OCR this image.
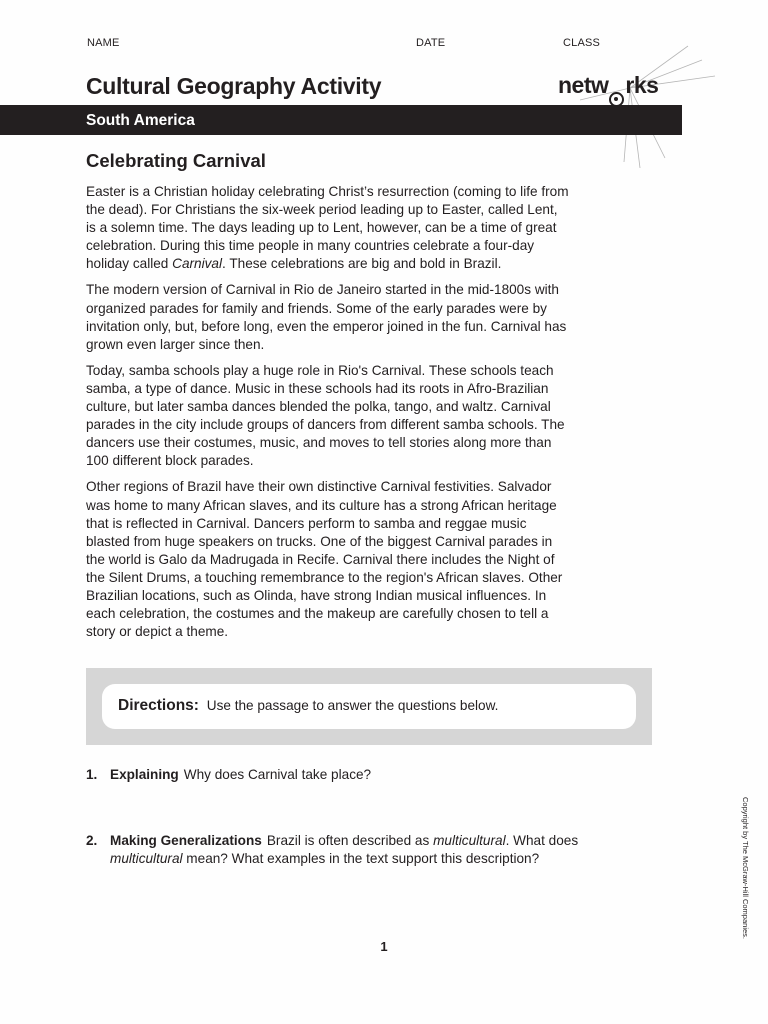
NAME	DATE	CLASS
Cultural Geography Activity	netw rks
South America
Celebrating Carnival

Easter is a Christian holiday celebrating Christ’s resurrection (coming to life from the dead). For Christians the six-week period leading up to Easter, called Lent, is a solemn time. The days leading up to Lent, however, can be a time of great celebration. During this time people in many countries celebrate a four-day holiday called Carnival. These celebrations are big and bold in Brazil.

The modern version of Carnival in Rio de Janeiro started in the mid-1800s with organized parades for family and friends. Some of the early parades were by invitation only, but, before long, even the emperor joined in the fun. Carnival has grown even larger since then.

Today, samba schools play a huge role in Rio's Carnival. These schools teach samba, a type of dance. Music in these schools had its roots in Afro-Brazilian culture, but later samba dances blended the polka, tango, and waltz. Carnival parades in the city include groups of dancers from different samba schools. The dancers use their costumes, music, and moves to tell stories along more than 100 different block parades.

Other regions of Brazil have their own distinctive Carnival festivities. Salvador was home to many African slaves, and its culture has a strong African heritage that is reflected in Carnival. Dancers perform to samba and reggae music blasted from huge speakers on trucks. One of the biggest Carnival parades in the world is Galo da Madrugada in Recife. Carnival there includes the Night of the Silent Drums, a touching remembrance to the region's African slaves. Other Brazilian locations, such as Olinda, have strong Indian musical influences. In each celebration, the costumes and the makeup are carefully chosen to tell a story or depict a theme.

Directions: Use the passage to answer the questions below.
1. Explaining Why does Carnival take place?
2. Making Generalizations Brazil is often described as multicultural. What does
multicultural mean? What examples in the text support this description?
1
Copyright by The McGraw-Hill Companies.
